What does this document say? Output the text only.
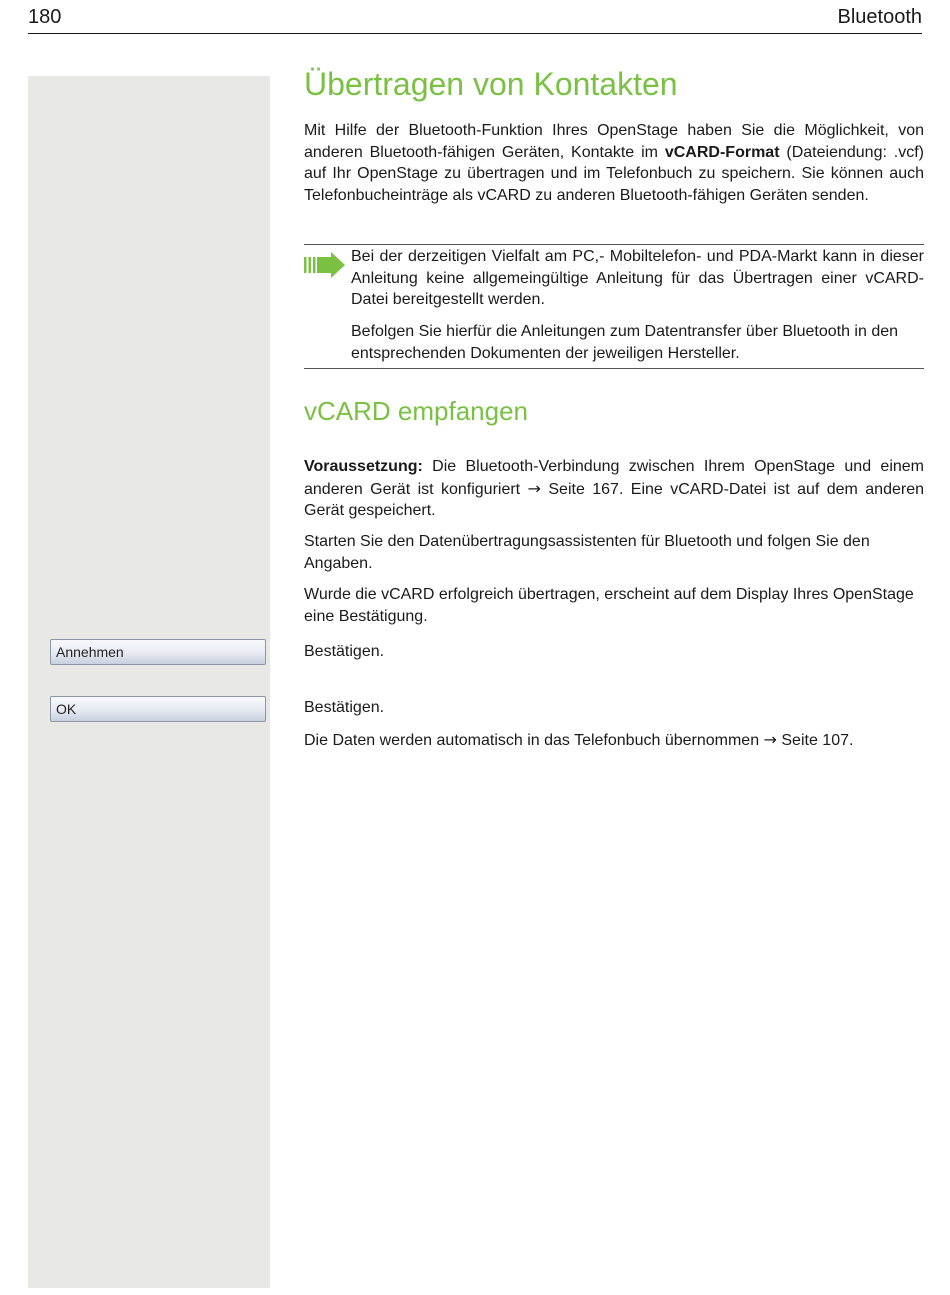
180	Bluetooth
Übertragen von Kontakten

Mit Hilfe der Bluetooth-Funktion Ihres OpenStage haben Sie die Möglichkeit, von anderen Bluetooth-fähigen Geräten, Kontakte im vCARD-Format (Dateiendung: .vcf) auf Ihr OpenStage zu übertragen und im Telefonbuch zu speichern. Sie können auch Telefonbucheinträge als vCARD zu anderen Bluetooth-fähigen Geräten senden.

Bei der derzeitigen Vielfalt am PC,- Mobiltelefon- und PDA-Markt kann in dieser Anleitung keine allgemeingültige Anleitung für das Übertragen einer vCARD-Datei bereitgestellt werden.

Befolgen Sie hierfür die Anleitungen zum Datentransfer über Bluetooth in den entsprechenden Dokumenten der jeweiligen Hersteller.

vCARD empfangen

Voraussetzung: Die Bluetooth-Verbindung zwischen Ihrem OpenStage und einem anderen Gerät ist konfiguriert → Seite 167. Eine vCARD-Datei ist auf dem anderen Gerät gespeichert.

Starten Sie den Datenübertragungsassistenten für Bluetooth und folgen Sie den Angaben.

Wurde die vCARD erfolgreich übertragen, erscheint auf dem Display Ihres OpenStage eine Bestätigung.

Annehmen	Bestätigen.

OK	Bestätigen.

Die Daten werden automatisch in das Telefonbuch übernommen → Seite 107.
